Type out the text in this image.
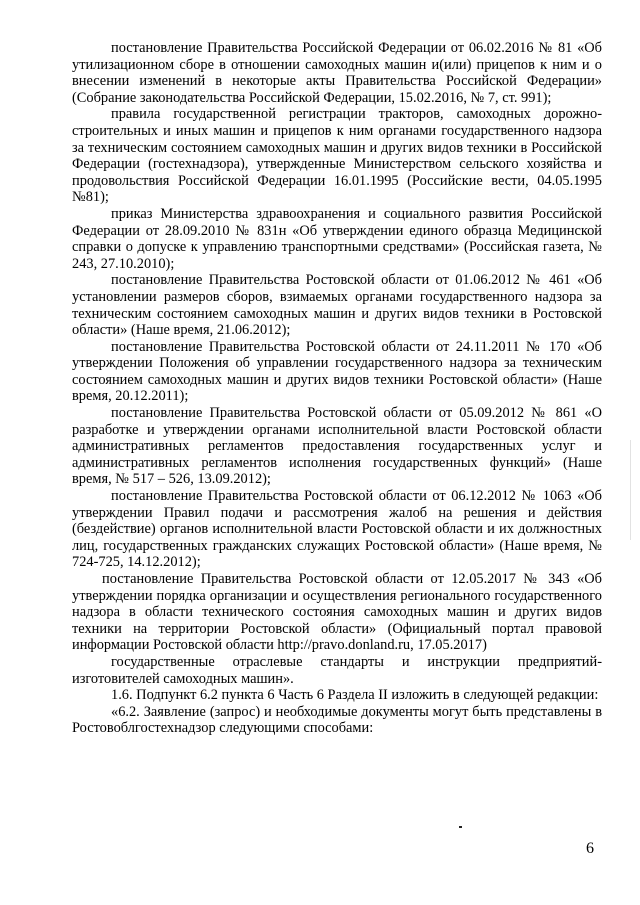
постановление Правительства Российской Федерации от 06.02.2016 № 81 «Об утилизационном сборе в отношении самоходных машин и(или) прицепов к ним и о внесении изменений в некоторые акты Правительства Российской Федерации» (Собрание законодательства Российской Федерации, 15.02.2016, № 7, ст. 991);

правила государственной регистрации тракторов, самоходных дорожно-строительных и иных машин и прицепов к ним органами государственного надзора за техническим состоянием самоходных машин и других видов техники в Российской Федерации (гостехнадзора), утвержденные Министерством сельского хозяйства и продовольствия Российской Федерации 16.01.1995 (Российские вести, 04.05.1995 №81);

приказ Министерства здравоохранения и социального развития Российской Федерации от 28.09.2010 № 831н «Об утверждении единого образца Медицинской справки о допуске к управлению транспортными средствами» (Российская газета, № 243, 27.10.2010);

постановление Правительства Ростовской области от 01.06.2012 № 461 «Об установлении размеров сборов, взимаемых органами государственного надзора за техническим состоянием самоходных машин и других видов техники в Ростовской области» (Наше время, 21.06.2012);

постановление Правительства Ростовской области от 24.11.2011 № 170 «Об утверждении Положения об управлении государственного надзора за техническим состоянием самоходных машин и других видов техники Ростовской области» (Наше время, 20.12.2011);

постановление Правительства Ростовской области от 05.09.2012 № 861 «О разработке и утверждении органами исполнительной власти Ростовской области административных регламентов предоставления государственных услуг и административных регламентов исполнения государственных функций» (Наше время, № 517 – 526, 13.09.2012);

постановление Правительства Ростовской области от 06.12.2012 № 1063 «Об утверждении Правил подачи и рассмотрения жалоб на решения и действия (бездействие) органов исполнительной власти Ростовской области и их должностных лиц, государственных гражданских служащих Ростовской области» (Наше время, № 724-725, 14.12.2012);

постановление Правительства Ростовской области от 12.05.2017 № 343 «Об утверждении порядка организации и осуществления регионального государственного надзора в области технического состояния самоходных машин и других видов техники на территории Ростовской области» (Официальный портал правовой информации Ростовской области http://pravo.donland.ru, 17.05.2017)

государственные отраслевые стандарты и инструкции предприятий-изготовителей самоходных машин».

1.6. Подпункт 6.2 пункта 6 Часть 6 Раздела II изложить в следующей редакции:

«6.2. Заявление (запрос) и необходимые документы могут быть представлены в Ростовоблгостехнадзор следующими способами:

6
